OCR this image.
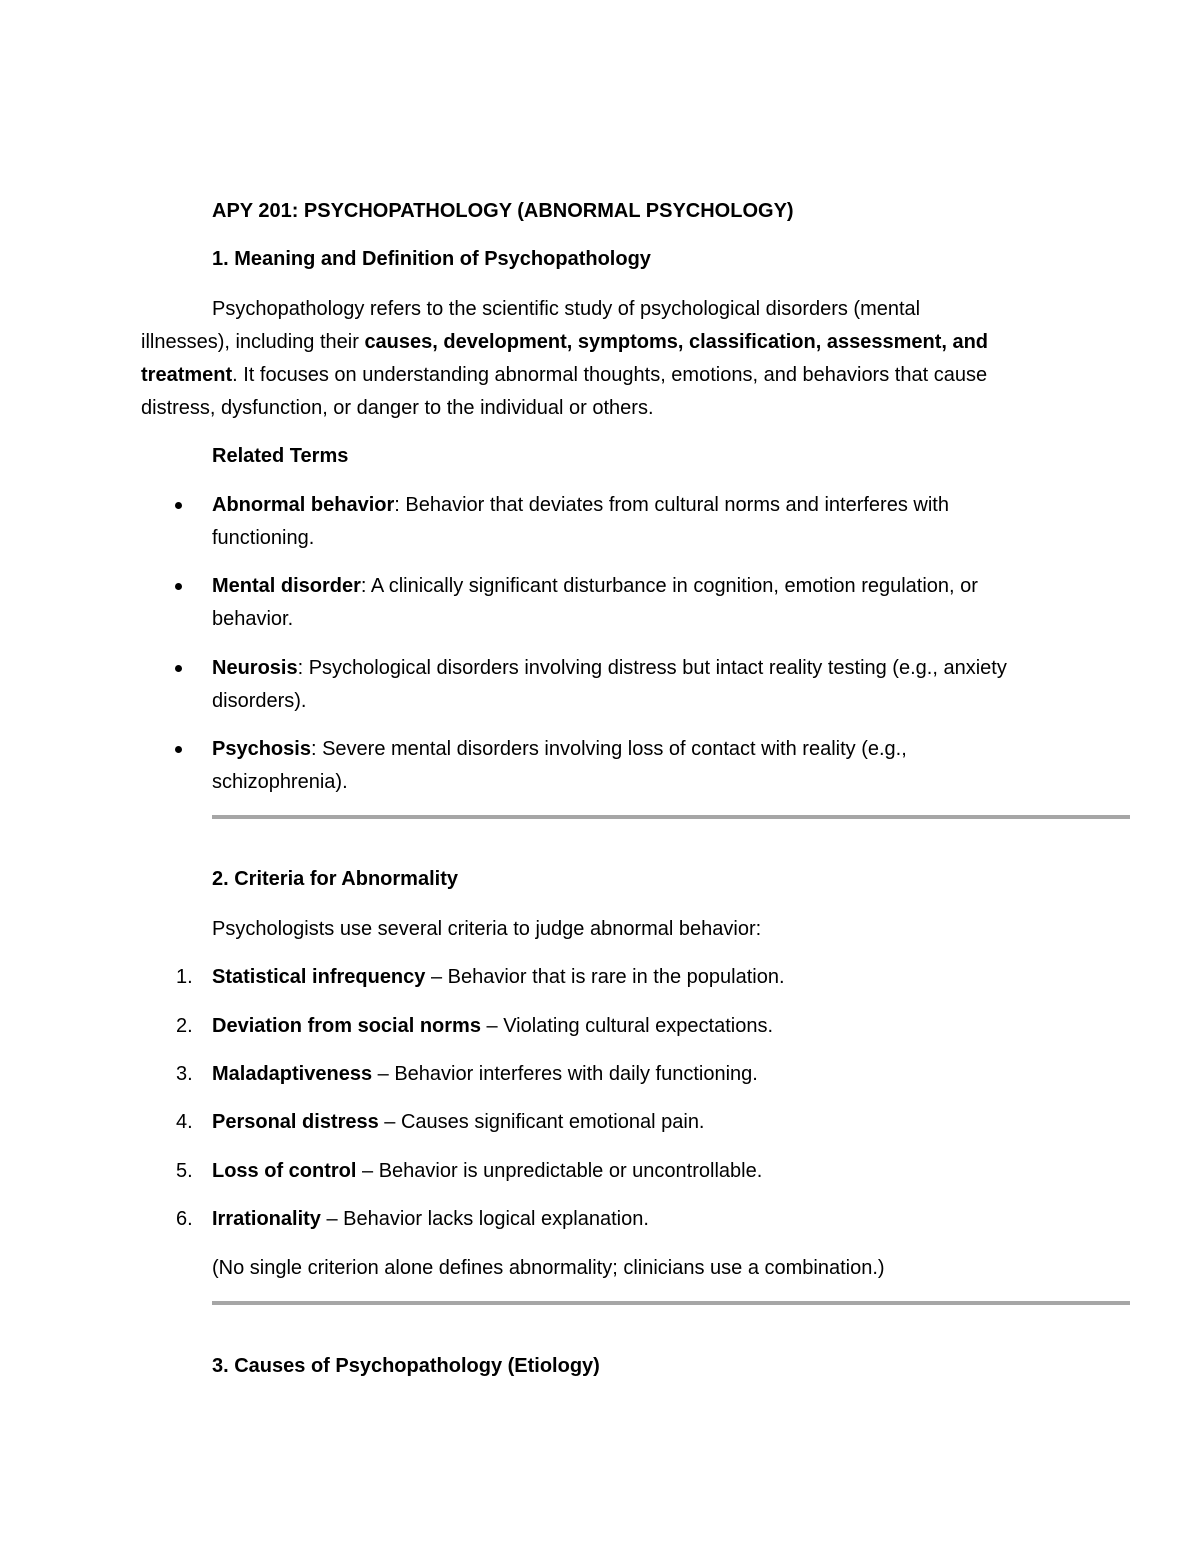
APY 201: PSYCHOPATHOLOGY (ABNORMAL PSYCHOLOGY)
1. Meaning and Definition of Psychopathology
Psychopathology refers to the scientific study of psychological disorders (mental
illnesses), including their causes, development, symptoms, classification, assessment, and
treatment. It focuses on understanding abnormal thoughts, emotions, and behaviors that cause
distress, dysfunction, or danger to the individual or others.
Related Terms
Abnormal behavior: Behavior that deviates from cultural norms and interferes with
functioning.
Mental disorder: A clinically significant disturbance in cognition, emotion regulation, or
behavior.
Neurosis: Psychological disorders involving distress but intact reality testing (e.g., anxiety
disorders).
Psychosis: Severe mental disorders involving loss of contact with reality (e.g.,
schizophrenia).
2. Criteria for Abnormality
Psychologists use several criteria to judge abnormal behavior:
1. Statistical infrequency – Behavior that is rare in the population.
2. Deviation from social norms – Violating cultural expectations.
3. Maladaptiveness – Behavior interferes with daily functioning.
4. Personal distress – Causes significant emotional pain.
5. Loss of control – Behavior is unpredictable or uncontrollable.
6. Irrationality – Behavior lacks logical explanation.
(No single criterion alone defines abnormality; clinicians use a combination.)
3. Causes of Psychopathology (Etiology)
